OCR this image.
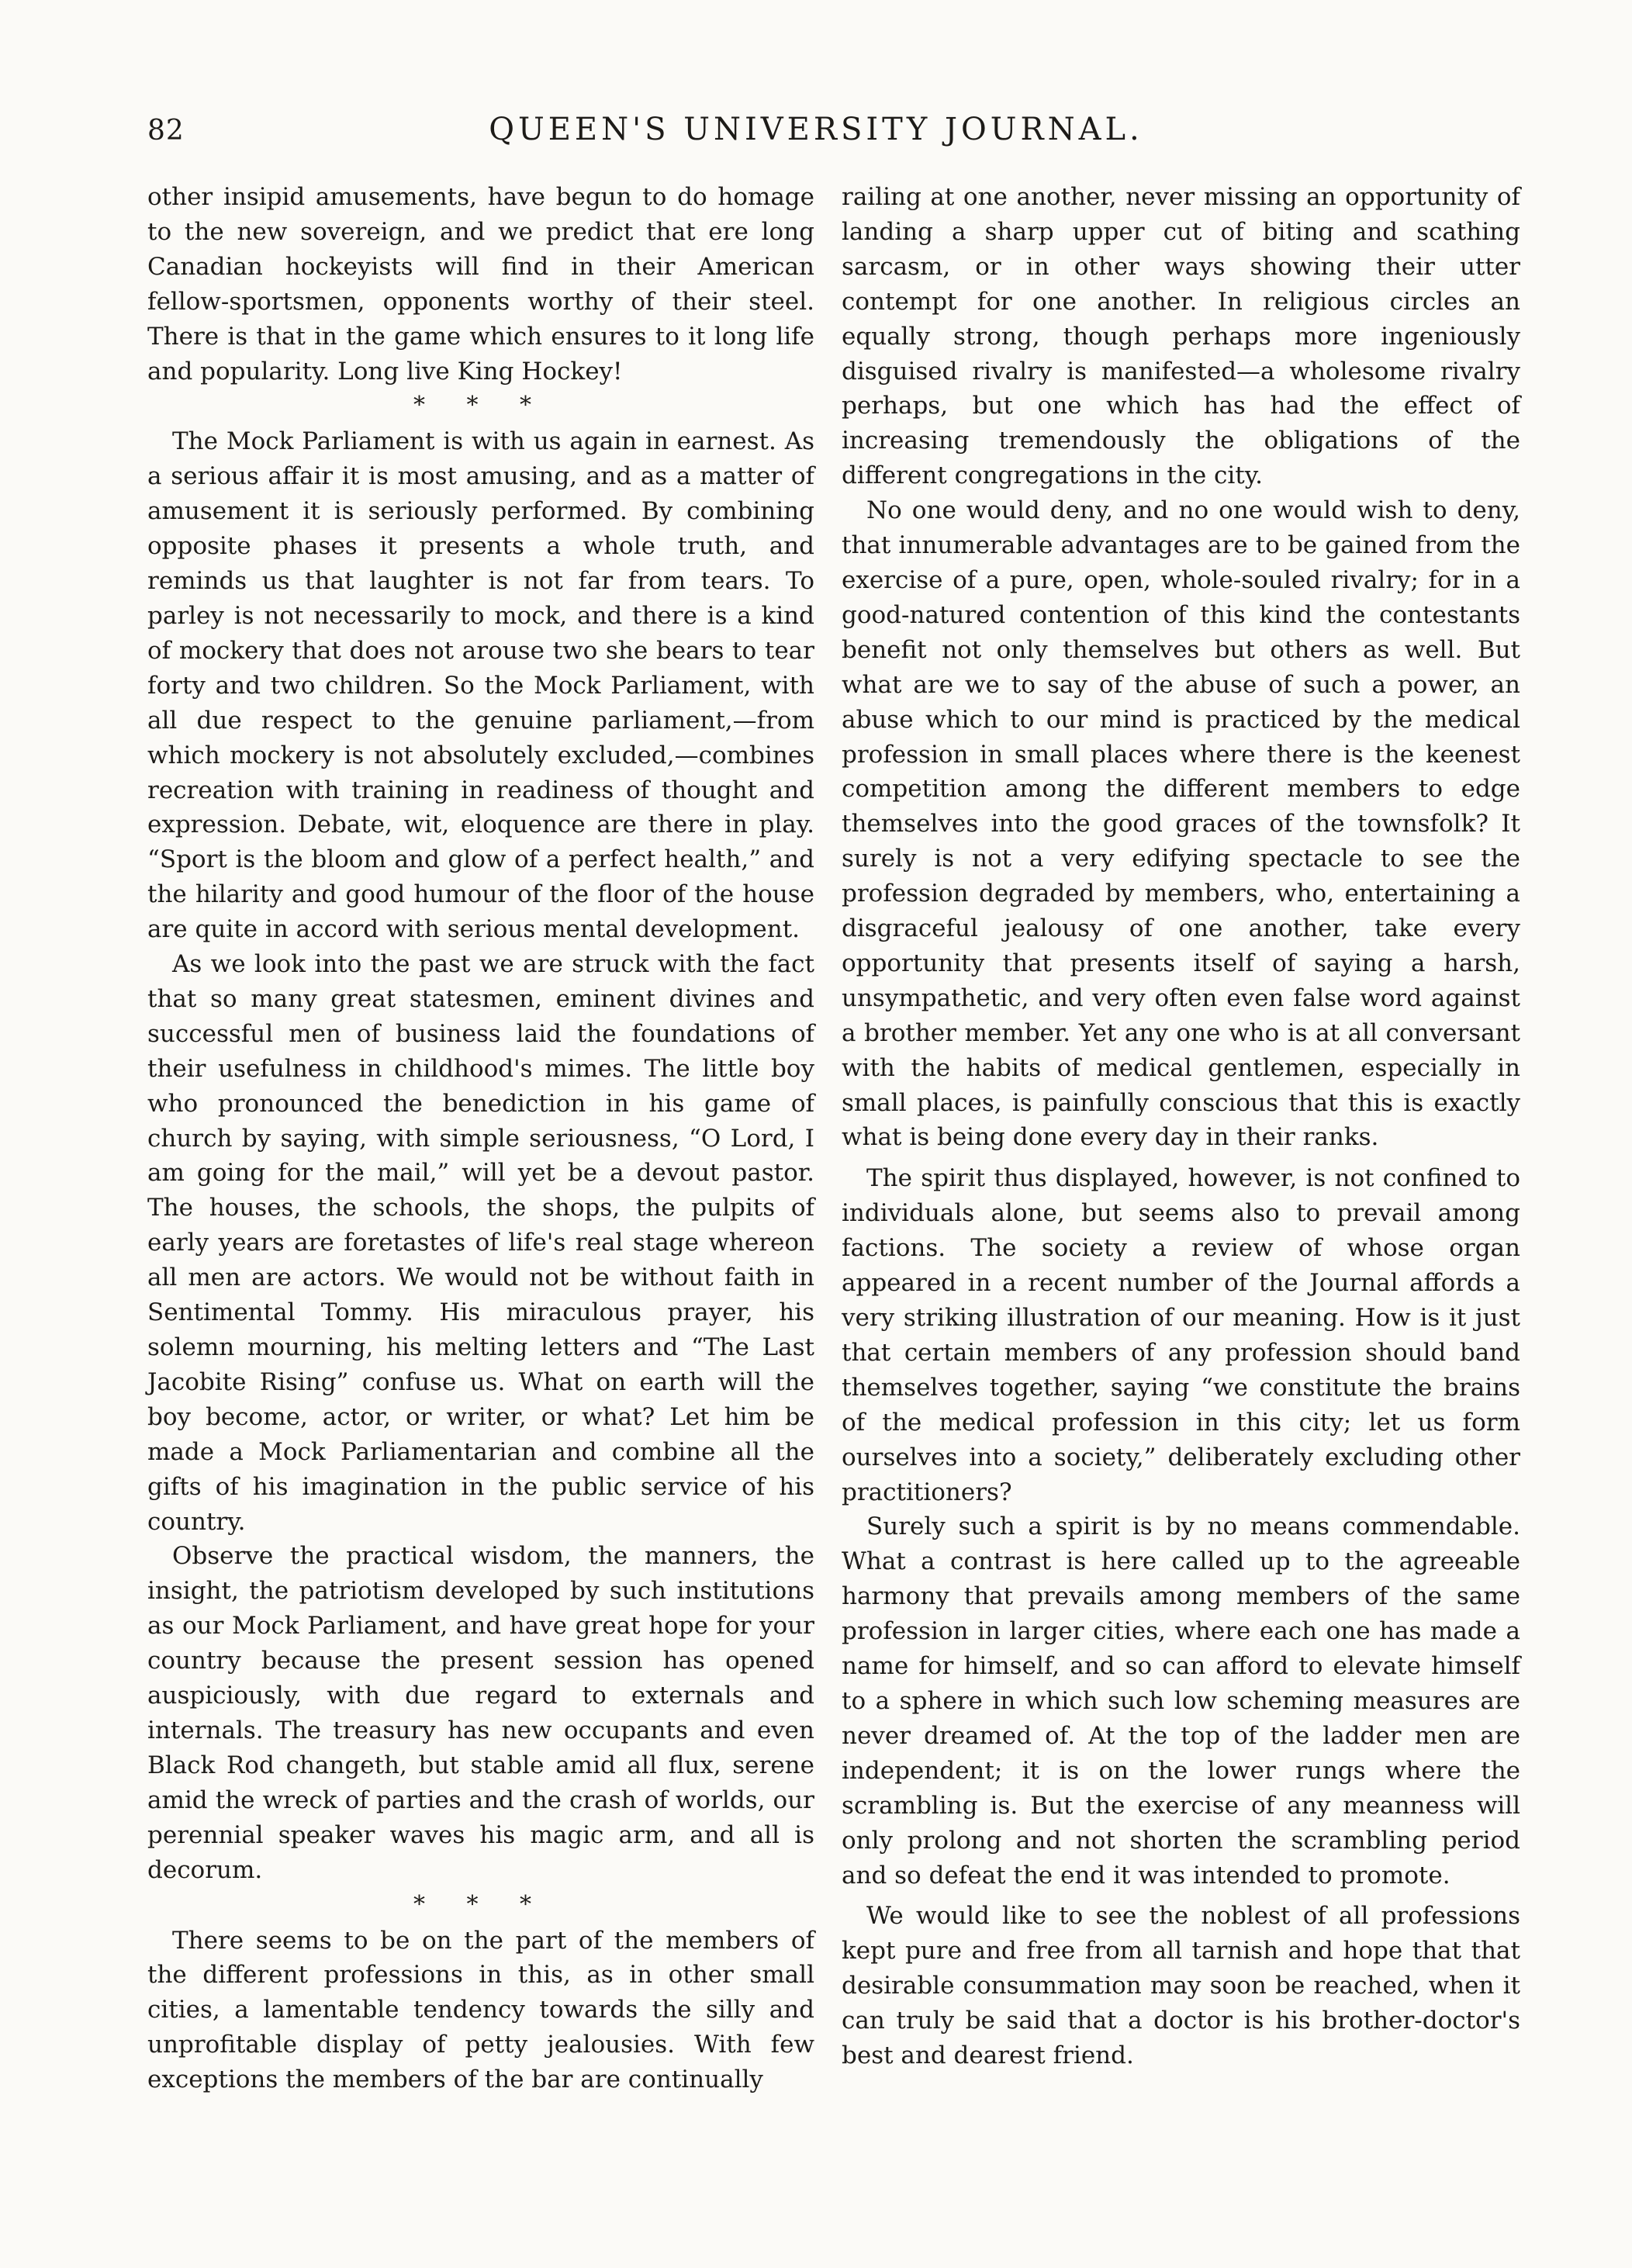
82	QUEEN'S UNIVERSITY JOURNAL.

other insipid amusements, have begun to do homage to the new sovereign, and we predict that ere long Canadian hockeyists will find in their American fellow-sportsmen, opponents worthy of their steel. There is that in the game which ensures to it long life and popularity. Long live King Hockey!

* * *

The Mock Parliament is with us again in earnest. As a serious affair it is most amusing, and as a matter of amusement it is seriously performed. By combining opposite phases it presents a whole truth, and reminds us that laughter is not far from tears. To parley is not necessarily to mock, and there is a kind of mockery that does not arouse two she bears to tear forty and two children. So the Mock Parliament, with all due respect to the genuine parliament,—from which mockery is not absolutely excluded,—combines recreation with training in readiness of thought and expression. Debate, wit, eloquence are there in play. “Sport is the bloom and glow of a perfect health,” and the hilarity and good humour of the floor of the house are quite in accord with serious mental development.

As we look into the past we are struck with the fact that so many great statesmen, eminent divines and successful men of business laid the foundations of their usefulness in childhood's mimes. The little boy who pronounced the benediction in his game of church by saying, with simple seriousness, “O Lord, I am going for the mail,” will yet be a devout pastor. The houses, the schools, the shops, the pulpits of early years are foretastes of life's real stage whereon all men are actors. We would not be without faith in Sentimental Tommy. His miraculous prayer, his solemn mourning, his melting letters and “The Last Jacobite Rising” confuse us. What on earth will the boy become, actor, or writer, or what? Let him be made a Mock Parliamentarian and combine all the gifts of his imagination in the public service of his country.

Observe the practical wisdom, the manners, the insight, the patriotism developed by such institutions as our Mock Parliament, and have great hope for your country because the present session has opened auspiciously, with due regard to externals and internals. The treasury has new occupants and even Black Rod changeth, but stable amid all flux, serene amid the wreck of parties and the crash of worlds, our perennial speaker waves his magic arm, and all is decorum.

* * *

There seems to be on the part of the members of the different professions in this, as in other small cities, a lamentable tendency towards the silly and unprofitable display of petty jealousies. With few exceptions the members of the bar are continually

railing at one another, never missing an opportunity of landing a sharp upper cut of biting and scathing sarcasm, or in other ways showing their utter contempt for one another. In religious circles an equally strong, though perhaps more ingeniously disguised rivalry is manifested—a wholesome rivalry perhaps, but one which has had the effect of increasing tremendously the obligations of the different congregations in the city.

No one would deny, and no one would wish to deny, that innumerable advantages are to be gained from the exercise of a pure, open, whole-souled rivalry; for in a good-natured contention of this kind the contestants benefit not only themselves but others as well. But what are we to say of the abuse of such a power, an abuse which to our mind is practiced by the medical profession in small places where there is the keenest competition among the different members to edge themselves into the good graces of the townsfolk? It surely is not a very edifying spectacle to see the profession degraded by members, who, entertaining a disgraceful jealousy of one another, take every opportunity that presents itself of saying a harsh, unsympathetic, and very often even false word against a brother member. Yet any one who is at all conversant with the habits of medical gentlemen, especially in small places, is painfully conscious that this is exactly what is being done every day in their ranks.

The spirit thus displayed, however, is not confined to individuals alone, but seems also to prevail among factions. The society a review of whose organ appeared in a recent number of the Journal affords a very striking illustration of our meaning. How is it just that certain members of any profession should band themselves together, saying “we constitute the brains of the medical profession in this city; let us form ourselves into a society,” deliberately excluding other practitioners?

Surely such a spirit is by no means commendable. What a contrast is here called up to the agreeable harmony that prevails among members of the same profession in larger cities, where each one has made a name for himself, and so can afford to elevate himself to a sphere in which such low scheming measures are never dreamed of. At the top of the ladder men are independent; it is on the lower rungs where the scrambling is. But the exercise of any meanness will only prolong and not shorten the scrambling period and so defeat the end it was intended to promote.

We would like to see the noblest of all professions kept pure and free from all tarnish and hope that that desirable consummation may soon be reached, when it can truly be said that a doctor is his brother-doctor's best and dearest friend.
